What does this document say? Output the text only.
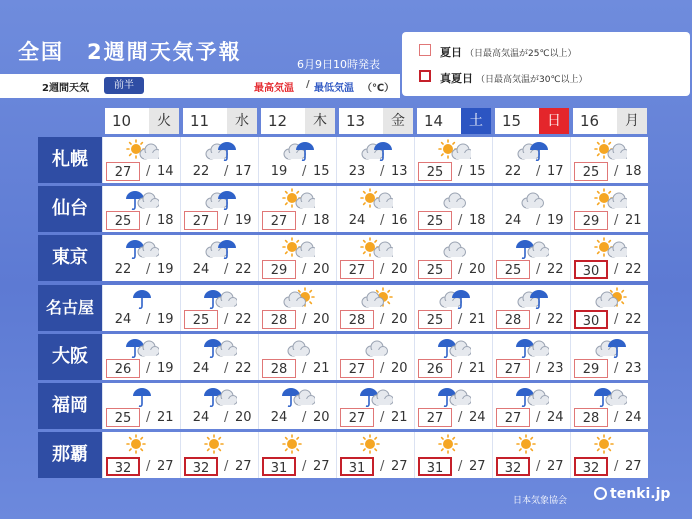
全国　2週間天気予報
6月9日10時発表
2週間天気	前半	最高気温 / 最低気温 （℃）
夏日 （日最高気温が25℃以上）
真夏日 （日最高気温が30℃以上）
10	火	11	水	12	木	13	金	14	土	15	日	16	月
札幌
27	/ 14	22	/ 17	19	/ 15	23	/ 13	25	/ 15	22	/ 17	25	/ 18
仙台
25	/ 18	27	/ 19	27	/ 18	24	/ 16	25	/ 18	24	/ 19	29	/ 21
東京
22	/ 19	24	/ 22	29	/ 20	27	/ 20	25	/ 20	25	/ 22	30	/ 22
名古屋
24	/ 19	25	/ 22	28	/ 20	28	/ 20	25	/ 21	28	/ 22	30	/ 22
大阪
26	/ 19	24	/ 22	28	/ 21	27	/ 20	26	/ 21	27	/ 23	29	/ 23
福岡
25	/ 21	24	/ 20	24	/ 20	27	/ 21	27	/ 24	27	/ 24	28	/ 24
那覇
32	/ 27	32	/ 27	31	/ 27	31	/ 27	31	/ 27	32	/ 27	32	/ 27
日本気象協会	tenki.jp
